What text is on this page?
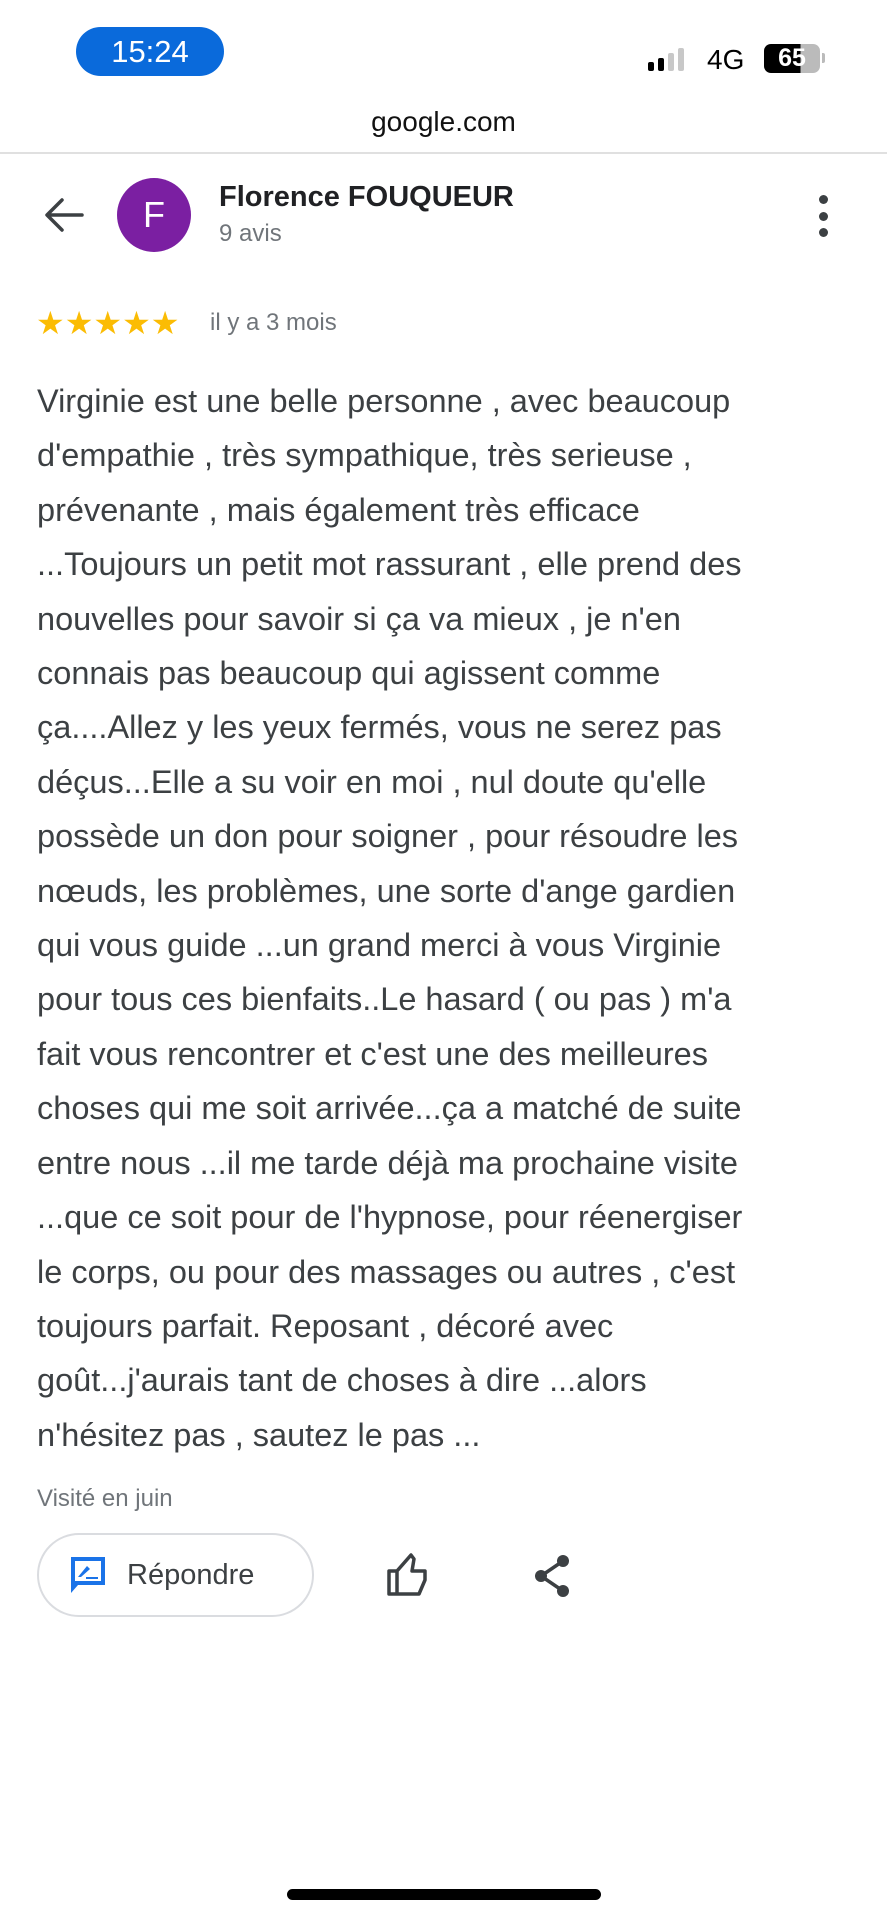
15:24	4G	65
google.com
F	Florence FOUQUEUR
9 avis
★★★★★ il y a 3 mois
Virginie est une belle personne , avec beaucoup
d'empathie , très sympathique, très serieuse ,
prévenante , mais également très efficace
...Toujours un petit mot rassurant , elle prend des
nouvelles pour savoir si ça va mieux , je n'en
connais pas beaucoup qui agissent comme
ça....Allez y les yeux fermés, vous ne serez pas
déçus...Elle a su voir en moi , nul doute qu'elle
possède un don pour soigner , pour résoudre les
nœuds, les problèmes, une sorte d'ange gardien
qui vous guide ...un grand merci à vous Virginie
pour tous ces bienfaits..Le hasard ( ou pas ) m'a
fait vous rencontrer et c'est une des meilleures
choses qui me soit arrivée...ça a matché de suite
entre nous ...il me tarde déjà ma prochaine visite
...que ce soit pour de l'hypnose, pour réenergiser
le corps, ou pour des massages ou autres , c'est
toujours parfait. Reposant , décoré avec
goût...j'aurais tant de choses à dire ...alors
n'hésitez pas , sautez le pas ...
Visité en juin
Répondre
